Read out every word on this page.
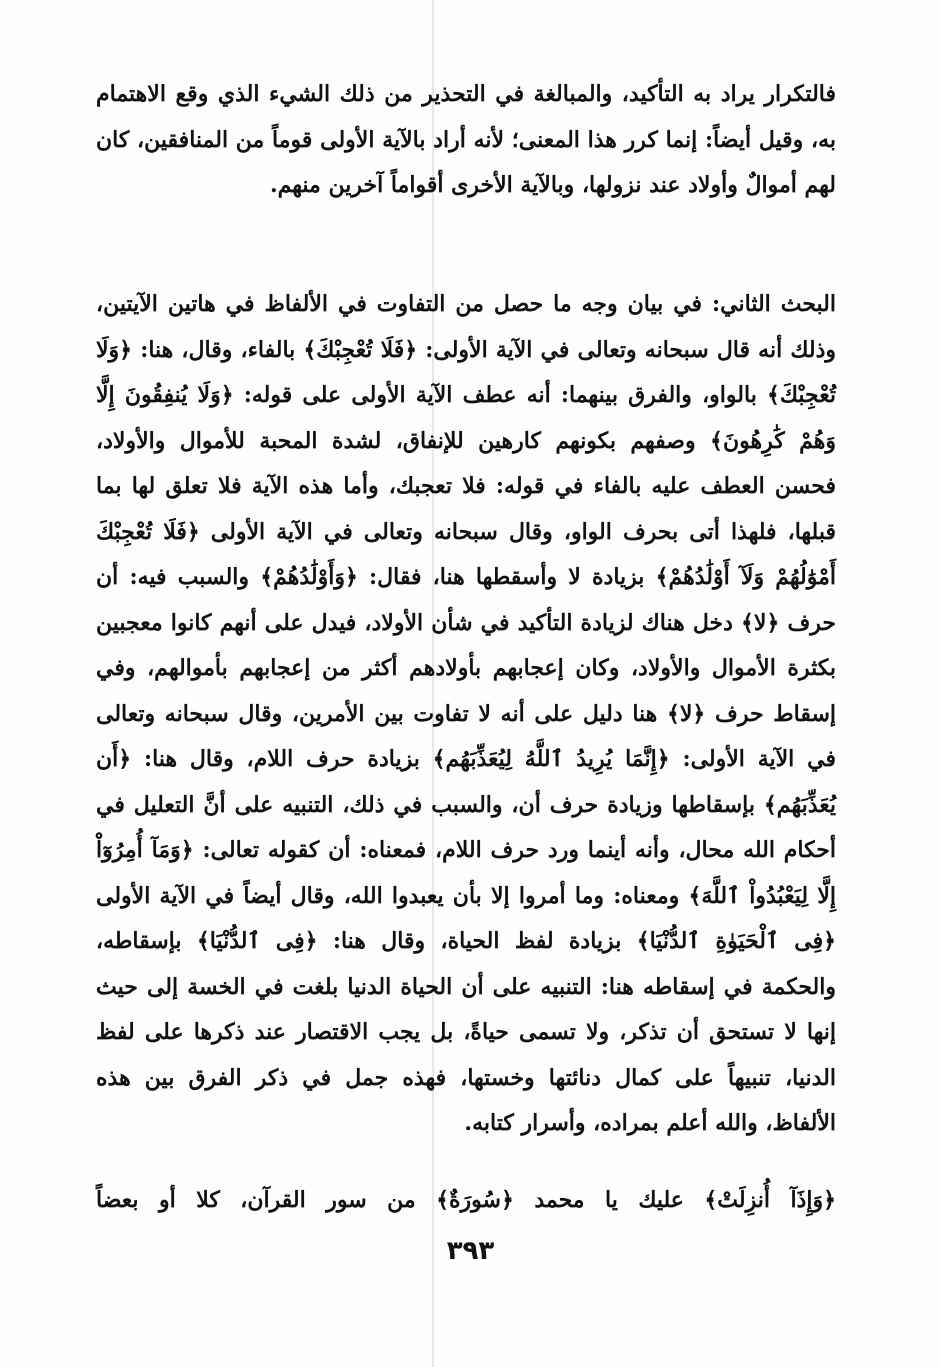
فالتكرار يراد به التأكيد، والمبالغة في التحذير من ذلك الشيء الذي وقع الاهتمام به، وقيل أيضاً: إنما كرر هذا المعنى؛ لأنه أراد بالآية الأولى قوماً من المنافقين، كان لهم أموالٌ وأولاد عند نزولها، وبالآية الأخرى أقواماً آخرين منهم.

البحث الثاني: في بيان وجه ما حصل من التفاوت في الألفاظ في هاتين الآيتين، وذلك أنه قال سبحانه وتعالى في الآية الأولى: ﴿فَلَا تُعْجِبْكَ﴾ بالفاء، وقال، هنا: ﴿وَلَا تُعْجِبْكَ﴾ بالواو، والفرق بينهما: أنه عطف الآية الأولى على قوله: ﴿وَلَا يُنفِقُونَ إِلَّا وَهُمْ كَٰرِهُونَ﴾ وصفهم بكونهم كارهين للإنفاق، لشدة المحبة للأموال والأولاد، فحسن العطف عليه بالفاء في قوله: فلا تعجبك، وأما هذه الآية فلا تعلق لها بما قبلها، فلهذا أتى بحرف الواو، وقال سبحانه وتعالى في الآية الأولى ﴿فَلَا تُعْجِبْكَ أَمْوَٰلُهُمْ وَلَآ أَوْلَٰدُهُمْ﴾ بزيادة لا وأسقطها هنا، فقال: ﴿وَأَوْلَٰدُهُمْ﴾ والسبب فيه: أن حرف ﴿لا﴾ دخل هناك لزيادة التأكيد في شأن الأولاد، فيدل على أنهم كانوا معجبين بكثرة الأموال والأولاد، وكان إعجابهم بأولادهم أكثر من إعجابهم بأموالهم، وفي إسقاط حرف ﴿لا﴾ هنا دليل على أنه لا تفاوت بين الأمرين، وقال سبحانه وتعالى في الآية الأولى: ﴿إِنَّمَا يُرِيدُ ٱللَّهُ لِيُعَذِّبَهُم﴾ بزيادة حرف اللام، وقال هنا: ﴿أَن يُعَذِّبَهُم﴾ بإسقاطها وزيادة حرف أن، والسبب في ذلك، التنبيه على أنَّ التعليل في أحكام الله محال، وأنه أينما ورد حرف اللام، فمعناه: أن كقوله تعالى: ﴿وَمَآ أُمِرُوٓاْ إِلَّا لِيَعْبُدُواْ ٱللَّهَ﴾ ومعناه: وما أمروا إلا بأن يعبدوا الله، وقال أيضاً في الآية الأولى ﴿فِى ٱلْحَيَوٰةِ ٱلدُّنْيَا﴾ بزيادة لفظ الحياة، وقال هنا: ﴿فِى ٱلدُّنْيَا﴾ بإسقاطه، والحكمة في إسقاطه هنا: التنبيه على أن الحياة الدنيا بلغت في الخسة إلى حيث إنها لا تستحق أن تذكر، ولا تسمى حياةً، بل يجب الاقتصار عند ذكرها على لفظ الدنيا، تنبيهاً على كمال دنائتها وخستها، فهذه جمل في ذكر الفرق بين هذه الألفاظ، والله أعلم بمراده، وأسرار كتابه.

﴿وَإِذَآ أُنزِلَتْ﴾ عليك يا محمد ﴿سُورَةٌ﴾ من سور القرآن، كلا أو بعضاً

٣٩٣
